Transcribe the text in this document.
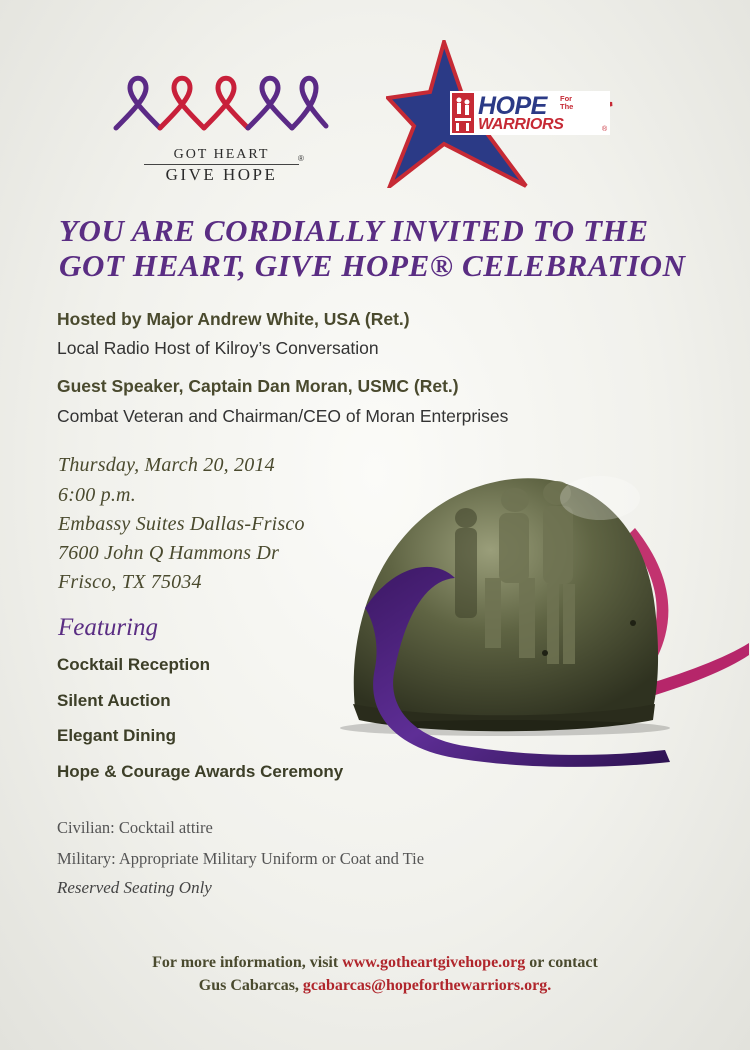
GOT HEART
GIVE HOPE
®
HOPE For The
WARRIORS	®
YOU ARE CORDIALLY INVITED TO THE
GOT HEART, GIVE HOPE® CELEBRATION
Hosted by Major Andrew White, USA (Ret.)
Local Radio Host of Kilroy’s Conversation
Guest Speaker, Captain Dan Moran, USMC (Ret.)
Combat Veteran and Chairman/CEO of Moran Enterprises
Thursday, March 20, 2014
6:00 p.m.
Embassy Suites Dallas-Frisco
7600 John Q Hammons Dr
Frisco, TX 75034
Featuring
Cocktail Reception
Silent Auction
Elegant Dining
Hope & Courage Awards Ceremony
Civilian: Cocktail attire
Military: Appropriate Military Uniform or Coat and Tie
Reserved Seating Only
For more information, visit www.gotheartgivehope.org or contact
Gus Cabarcas, gcabarcas@hopeforthewarriors.org.
